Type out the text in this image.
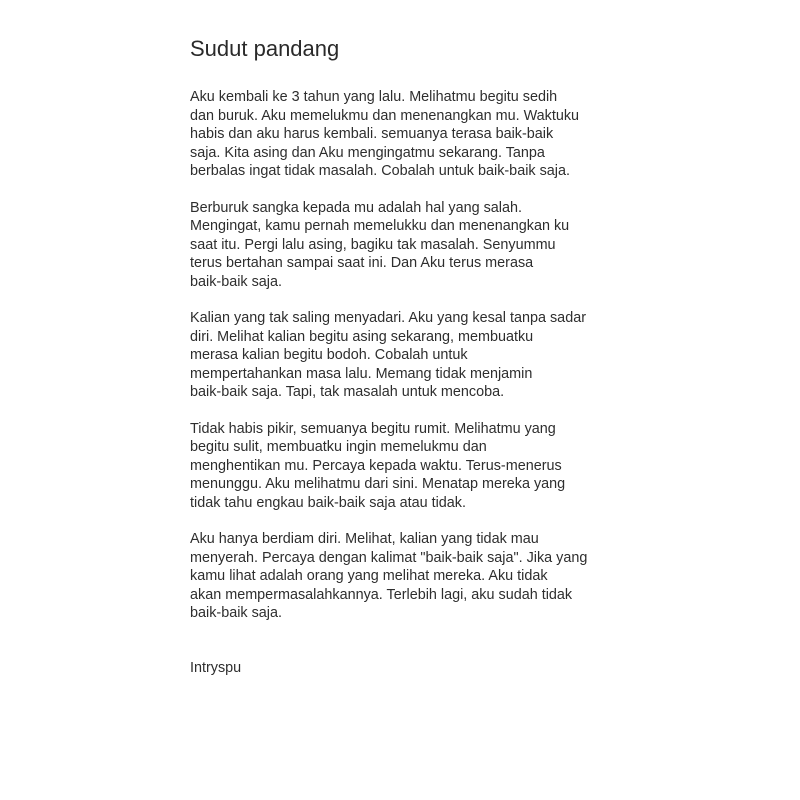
Sudut pandang
Aku kembali ke 3 tahun yang lalu. Melihatmu begitu sedih
dan buruk. Aku memelukmu dan menenangkan mu. Waktuku
habis dan aku harus kembali. semuanya terasa baik-baik
saja. Kita asing dan Aku mengingatmu sekarang. Tanpa
berbalas ingat tidak masalah. Cobalah untuk baik-baik saja.
Berburuk sangka kepada mu adalah hal yang salah.
Mengingat, kamu pernah memelukku dan menenangkan ku
saat itu. Pergi lalu asing, bagiku tak masalah. Senyummu
terus bertahan sampai saat ini. Dan Aku terus merasa
baik-baik saja.
Kalian yang tak saling menyadari. Aku yang kesal tanpa sadar
diri. Melihat kalian begitu asing sekarang, membuatku
merasa kalian begitu bodoh. Cobalah untuk
mempertahankan masa lalu. Memang tidak menjamin
baik-baik saja. Tapi, tak masalah untuk mencoba.
Tidak habis pikir, semuanya begitu rumit. Melihatmu yang
begitu sulit, membuatku ingin memelukmu dan
menghentikan mu. Percaya kepada waktu. Terus-menerus
menunggu. Aku melihatmu dari sini. Menatap mereka yang
tidak tahu engkau baik-baik saja atau tidak.
Aku hanya berdiam diri. Melihat, kalian yang tidak mau
menyerah. Percaya dengan kalimat "baik-baik saja". Jika yang
kamu lihat adalah orang yang melihat mereka. Aku tidak
akan mempermasalahkannya. Terlebih lagi, aku sudah tidak
baik-baik saja.
Intryspu
